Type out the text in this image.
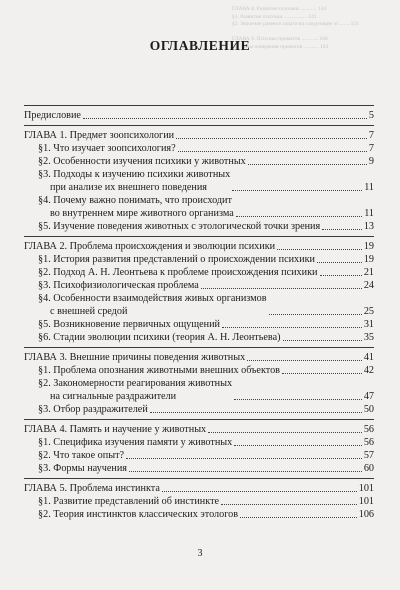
ГЛАВА 8. Развитие психики ............ 134
§1. Развитие психики ................. 141
§2. Значение раннего опыта на следующие эт ....... 151

ГЛАВА 9. Психика приматов ............ 160
§1. Типы поведения приматов ........... 163
ОГЛАВЛЕНИЕ
Предисловие	5
ГЛАВА 1. Предмет зоопсихологии	7
§1. Что изучает зоопсихология?	7
§2. Особенности изучения психики у животных	9
§3. Подходы к изучению психики животных
при анализе их внешнего поведения	11
§4. Почему важно понимать, что происходит
во внутреннем мире животного организма	11
§5. Изучение поведения животных с этологической точки зрения	13
ГЛАВА 2. Проблема происхождения и эволюции психики	19
§1. История развития представлений о происхождении психики	19
§2. Подход А. Н. Леонтьева к проблеме происхождения психики	21
§3. Психофизиологическая проблема	24
§4. Особенности взаимодействия живых организмов
с внешней средой	25
§5. Возникновение первичных ощущений	31
§6. Стадии эволюции психики (теория А. Н. Леонтьева)	35
ГЛАВА 3. Внешние причины поведения животных	41
§1. Проблема опознания животными внешних объектов	42
§2. Закономерности реагирования животных
на сигнальные раздражители	47
§3. Отбор раздражителей	50
ГЛАВА 4. Память и научение у животных	56
§1. Специфика изучения памяти у животных	56
§2. Что такое опыт?	57
§3. Формы научения	60
ГЛАВА 5. Проблема инстинкта	101
§1. Развитие представлений об инстинкте	101
§2. Теория инстинктов классических этологов	106
3
